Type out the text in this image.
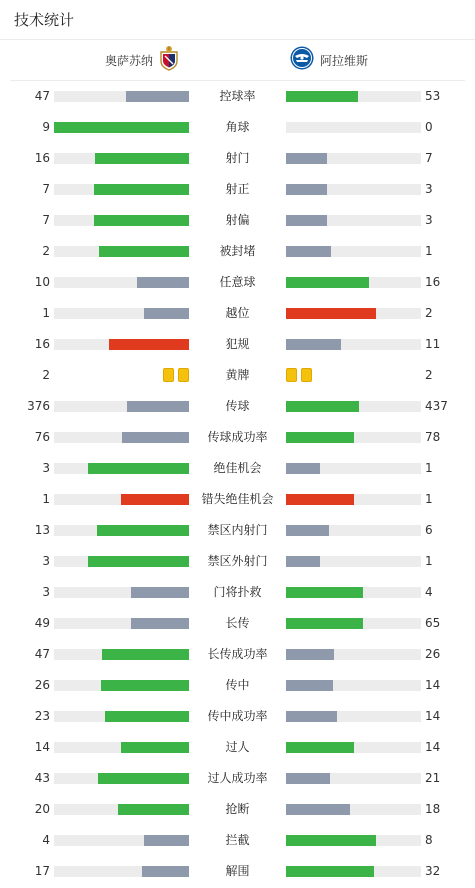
技术统计
奥萨苏纳	阿拉维斯
47	控球率	53
9	角球	0
16	射门	7
7	射正	3
7	射偏	3
2	被封堵	1
10	任意球	16
1	越位	2
16	犯规	11
2	黄牌	2
376	传球	437
76	传球成功率	78
3	绝佳机会	1
1	错失绝佳机会	1
13	禁区内射门	6
3	禁区外射门	1
3	门将扑救	4
49	长传	65
47	长传成功率	26
26	传中	14
23	传中成功率	14
14	过人	14
43	过人成功率	21
20	抢断	18
4	拦截	8
17	解围	32
